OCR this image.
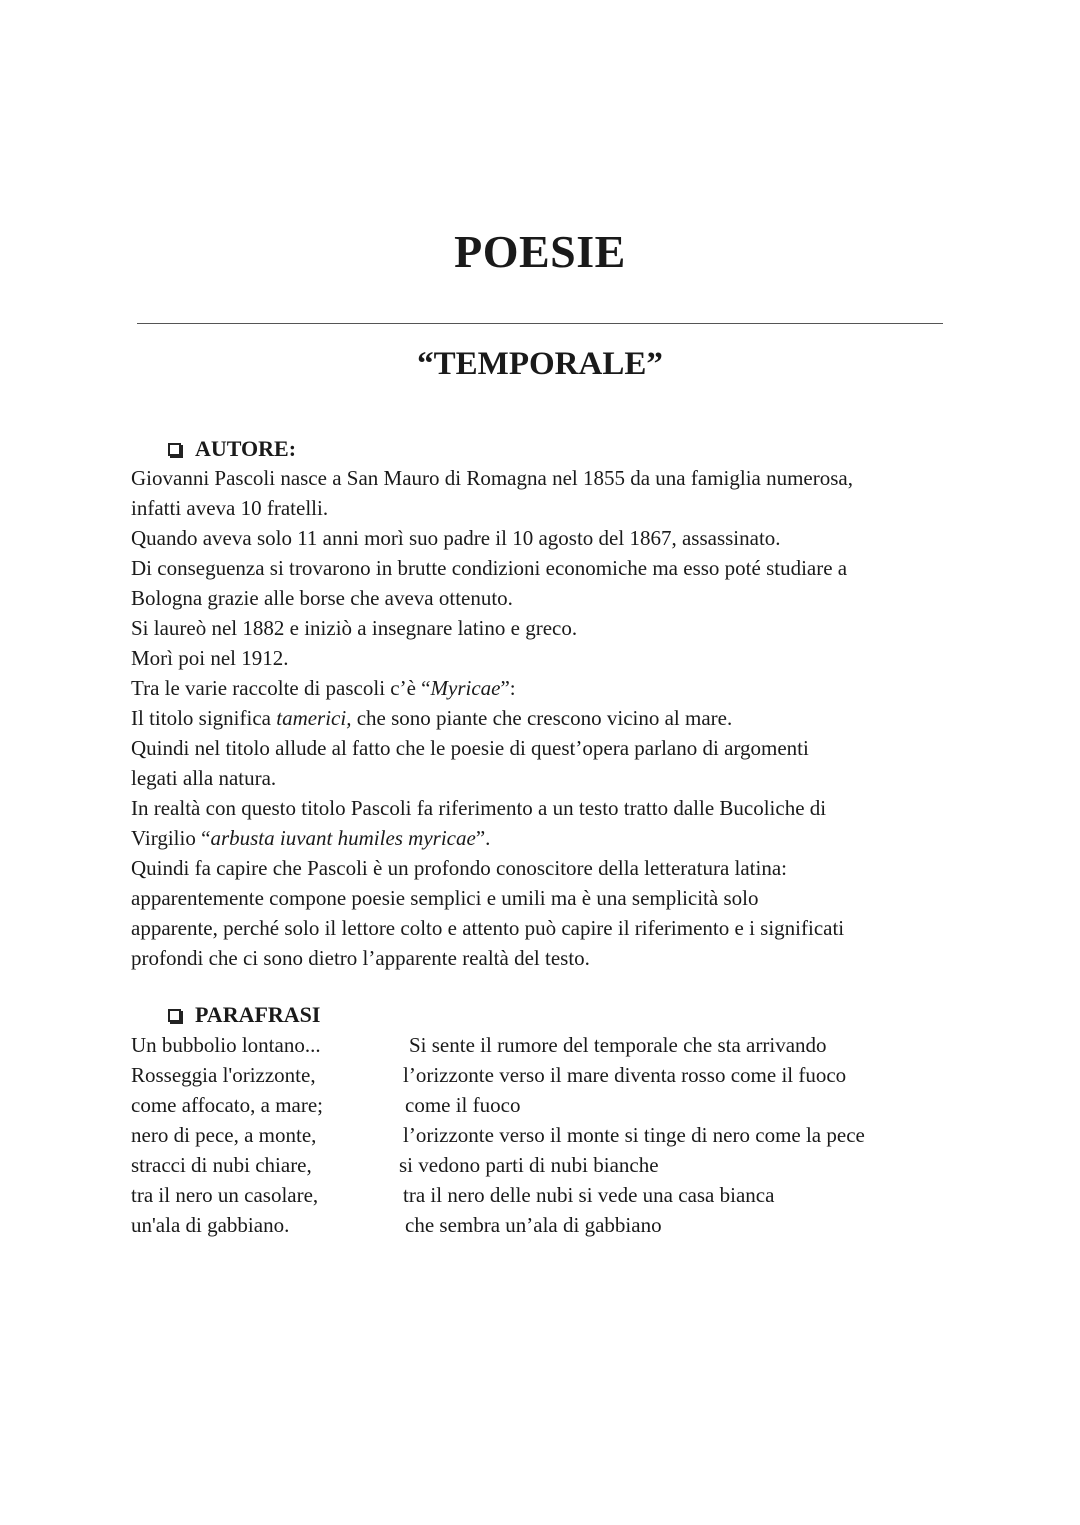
POESIE
“TEMPORALE”
AUTORE:

Giovanni Pascoli nasce a San Mauro di Romagna nel 1855 da una famiglia numerosa,

infatti aveva 10 fratelli.

Quando aveva solo 11 anni morì suo padre il 10 agosto del 1867, assassinato.

Di conseguenza si trovarono in brutte condizioni economiche ma esso poté studiare a

Bologna grazie alle borse che aveva ottenuto.

Si laureò nel 1882 e iniziò a insegnare latino e greco.

Morì poi nel 1912.

Tra le varie raccolte di pascoli c’è “Myricae”:

Il titolo significa tamerici, che sono piante che crescono vicino al mare.

Quindi nel titolo allude al fatto che le poesie di quest’opera parlano di argomenti

legati alla natura.

In realtà con questo titolo Pascoli fa riferimento a un testo tratto dalle Bucoliche di

Virgilio “arbusta iuvant humiles myricae”.

Quindi fa capire che Pascoli è un profondo conoscitore della letteratura latina:

apparentemente compone poesie semplici e umili ma è una semplicità solo

apparente, perché solo il lettore colto e attento può capire il riferimento e i significati

profondi che ci sono dietro l’apparente realtà del testo.

PARAFRASI
Un bubbolio lontano...
Rosseggia l'orizzonte,
come affocato, a mare;
nero di pece, a monte,
stracci di nubi chiare,
tra il nero un casolare,
un'ala di gabbiano.
Si sente il rumore del temporale che sta arrivando
l’orizzonte verso il mare diventa rosso come il fuoco
come il fuoco
l’orizzonte verso il monte si tinge di nero come la pece
si vedono parti di nubi bianche
tra il nero delle nubi si vede una casa bianca
che sembra un’ala di gabbiano
